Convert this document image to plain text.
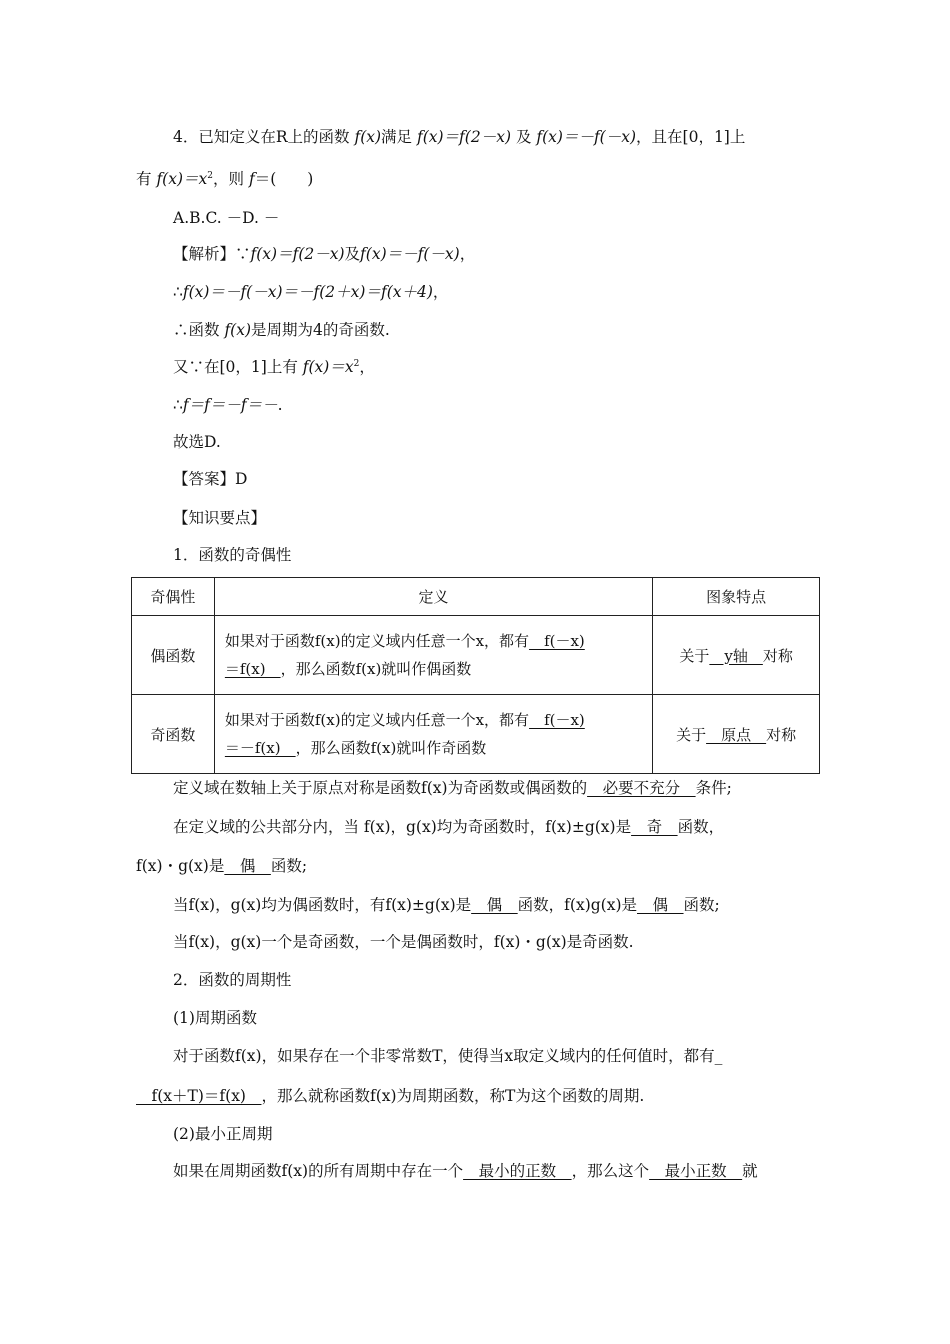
4．已知定义在R上的函数 f(x)满足 f(x)＝f(2－x) 及 f(x)＝－f(－x)，且在[0，1]上
有 $f(x)=x^2$，则 f＝(　　)
A.B.C. －D. －
【解析】∵f(x)＝f(2－x)及f(x)＝－f(－x)，
∴f(x)＝－f(－x)＝－f(2＋x)＝f(x＋4)，
∴函数 f(x)是周期为4的奇函数.
又∵在[0，1]上有 $f(x)=x^2$，
∴f＝f＝－f＝－.
故选D.
【答案】D
【知识要点】
1．函数的奇偶性
奇偶性	定义	图象特点
偶函数	如果对于函数f(x)的定义域内任意一个x，都有　f(－x)
＝f(x)　，那么函数f(x)就叫作偶函数	关于　y轴　对称
奇函数	如果对于函数f(x)的定义域内任意一个x，都有　f(－x)
＝－f(x)　，那么函数f(x)就叫作奇函数	关于　原点　对称
定义域在数轴上关于原点对称是函数f(x)为奇函数或偶函数的　必要不充分　条件;
在定义域的公共部分内，当 f(x)，g(x)均为奇函数时，f(x)±g(x)是　奇　函数，
f(x)・g(x)是　偶　函数;
当f(x)，g(x)均为偶函数时，有f(x)±g(x)是　偶　函数，f(x)g(x)是　偶　函数;
当f(x)，g(x)一个是奇函数，一个是偶函数时，f(x)・g(x)是奇函数.
2．函数的周期性
(1)周期函数
对于函数f(x)，如果存在一个非零常数T，使得当x取定义域内的任何值时，都有_
　f(x＋T)＝f(x)　，那么就称函数f(x)为周期函数，称T为这个函数的周期.
(2)最小正周期
如果在周期函数f(x)的所有周期中存在一个　最小的正数　，那么这个　最小正数　就
